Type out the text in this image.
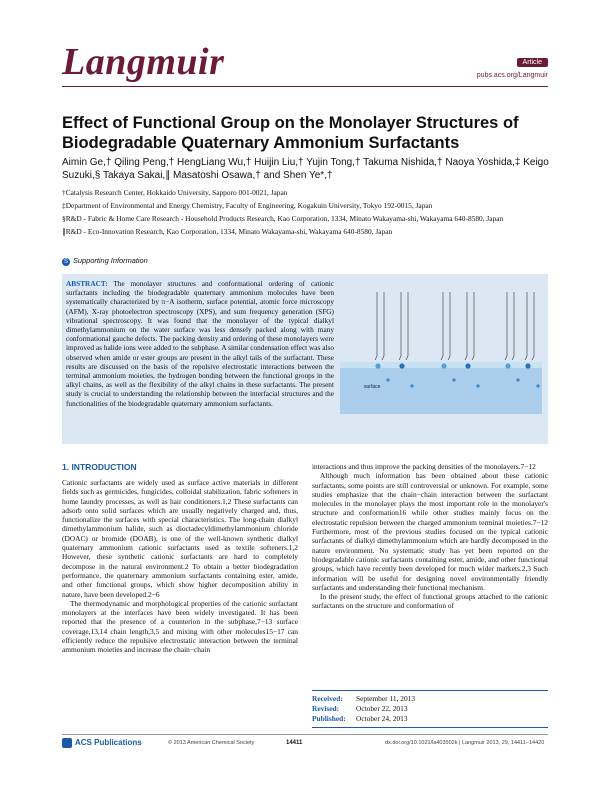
Langmuir	Article
pubs.acs.org/Langmuir
Effect of Functional Group on the Monolayer Structures of Biodegradable Quaternary Ammonium Surfactants
Aimin Ge,† Qiling Peng,† HengLiang Wu,† Huijin Liu,† Yujin Tong,† Takuma Nishida,† Naoya Yoshida,‡ Keigo Suzuki,§ Takaya Sakai,∥ Masatoshi Osawa,† and Shen Ye*,†
†Catalysis Research Center, Hokkaido University, Sapporo 001-0021, Japan
‡Department of Environmental and Energy Chemistry, Faculty of Engineering, Kogakuin University, Tokyo 192-0015, Japan
§R&D - Fabric & Home Care Research - Household Products Research, Kao Corporation, 1334, Minato Wakayama-shi, Wakayama 640-8580, Japan
∥R&D - Eco-Innovation Research, Kao Corporation, 1334, Minato Wakayama-shi, Wakayama 640-8580, Japan
S Supporting Information
ABSTRACT: The monolayer structures and conformational ordering of cationic surfactants including the biodegradable quaternary ammonium molecules have been systematically characterized by π−A isotherm, surface potential, atomic force microscopy (AFM), X-ray photoelectron spectroscopy (XPS), and sum frequency generation (SFG) vibrational spectroscopy. It was found that the monolayer of the typical dialkyl dimethylammonium on the water surface was less densely packed along with many conformational gauche defects. The packing density and ordering of these monolayers were improved as halide ions were added to the subphase. A similar condensation effect was also observed when amide or ester groups are present in the alkyl tails of the surfactant. These results are discussed on the basis of the repulsive electrostatic interactions between the terminal ammonium moieties, the hydrogen bonding between the functional groups in the alkyl chains, as well as the flexibility of the alkyl chains in these surfactants. The present study is crucial to understanding the relationship between the interfacial structures and the functionalities of the biodegradable quaternary ammonium surfactants.
surface
1. INTRODUCTION

Cationic surfactants are widely used as surface active materials in different fields such as germicides, fungicides, colloidal stabilization, fabric softeners in home laundry processes, as well as hair conditioners.1,2 These surfactants can adsorb onto solid surfaces which are usually negatively charged and, thus, functionalize the surfaces with special characteristics. The long-chain dialkyl dimethylammonium halide, such as dioctadecyldimethylammonium chloride (DOAC) or bromide (DOAB), is one of the well-known synthetic dialkyl quaternary ammonium cationic surfactants used as textile softeners.1,2 However, these synthetic cationic surfactants are hard to completely decompose in the natural environment.2 To obtain a better biodegradation performance, the quaternary ammonium surfactants containing ester, amide, and other functional groups, which show higher decomposition ability in nature, have been developed.2−6

The thermodynamic and morphological properties of the cationic surfactant monolayers at the interfaces have been widely investigated. It has been reported that the presence of a counterion in the subphase,7−13 surface coverage,13,14 chain length,3,5 and mixing with other molecules15−17 can efficiently reduce the repulsive electrostatic interaction between the terminal ammonium moieties and increase the chain−chain

interactions and thus improve the packing densities of the monolayers.7−12

Although much information has been obtained about these cationic surfactants, some points are still controversial or unknown. For example, some studies emphasize that the chain−chain interaction between the surfactant molecules in the monolayer plays the most important role in the monolayer's structure and conformation16 while other studies mainly focus on the electrostatic repulsion between the charged ammonium terminal moieties.7−12 Furthermore, most of the previous studies focused on the typical cationic surfactants of dialkyl dimethylammonium which are hardly decomposed in the nature environment. No systematic study has yet been reported on the biodegradable cationic surfactants containing ester, amide, and other functional groups, which have recently been developed for much wider markets.2,3 Such information will be useful for designing novel environmentally friendly surfactants and understanding their functional mechanism.

In the present study, the effect of functional groups attached to the cationic surfactants on the structure and conformation of

Received: September 11, 2013
Revised: October 22, 2013
Published: October 24, 2013
ACS Publications	© 2013 American Chemical Society	14411	dx.doi.org/10.1021/la403502k | Langmuir 2013, 29, 14411−14420
